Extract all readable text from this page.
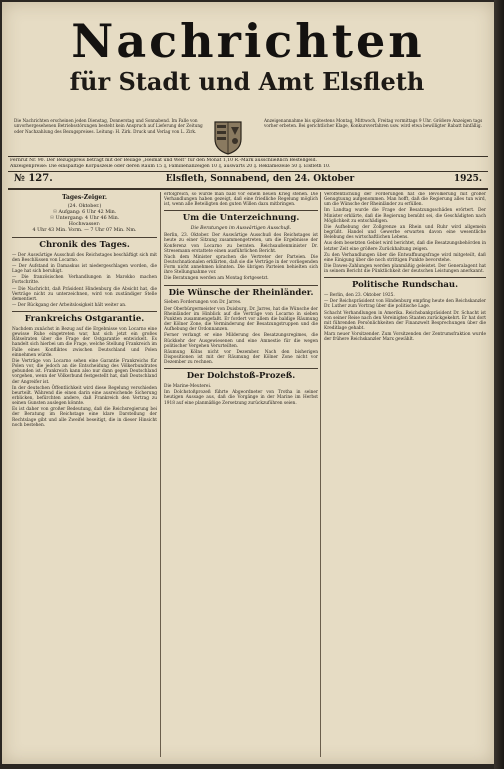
Nachrichten
für Stadt und Amt Elsfleth
Die Nachrichten erscheinen jeden Dienstag, Donnerstag und Sonnabend. Im Falle von unvorhergesehenen Betriebsstörungen besteht kein Anspruch auf Lieferung der Zeitung oder Nachzahlung des Bezugspreises. Leitung: H. Zirk. Druck und Verlag von L. Zirk.
Anzeigenannahme bis spätestens Montag, Mittwoch, Freitag vormittags 9 Uhr. Größere Anzeigen tags vorher erbeten. Bei gerichtlicher Klage, Konkursverfahren usw. wird etwa bewilligter Rabatt hinfällig.
Fernruf Nr. 90. Der Bezugspreis beträgt mit der Beilage „Heimat und Welt“ für den Monat 1,10 R.-Mark ausschließlich Bestellgeld.
Anzeigenpreise: Die einspaltige Korpuszeile oder deren Raum 15 ₰, Familienanzeigen 10 ₰, auswärts 20 ₰. Reklamezeile 50 ₰. Elsfleth 10.
№ 127.	Elsfleth, Sonnabend, den 24. Oktober	1925.
Tages-Zeiger.

(24. Oktober.)

☉ Aufgang: 6 Uhr 42 Min.

☉ Untergang: 4 Uhr 46 Min.

Hochwasser:

4 Uhr 43 Min. Vorm. — 7 Uhr 07 Min. Nm.

Chronik des Tages.

— Der Auswärtige Ausschuß des Reichstages beschäftigt sich mit den Beschlüssen von Locarno.

— Der Aufstand in Damaskus ist niedergeschlagen worden, die Lage hat sich beruhigt.

— Die französischen Verhandlungen in Marokko machen Fortschritte.

— Die Nachricht, daß Präsident Hindenburg die Absicht hat, die Verträge nicht zu unterzeichnen, wird von zuständiger Stelle dementiert.

— Der Rückgang der Arbeitslosigkeit hält weiter an.

Frankreichs Ostgarantie.

Nachdem zunächst in Bezug auf die Ergebnisse von Locarno eine gewisse Ruhe eingetreten war, hat sich jetzt ein großes Rätselraten über die Frage der Ostgarantie entwickelt. Es handelt sich hierbei um die Frage, welche Stellung Frankreich im Falle eines Konfliktes zwischen Deutschland und Polen einnehmen würde.

Die Verträge von Locarno sehen eine Garantie Frankreichs für Polen vor, die jedoch an die Entscheidung des Völkerbundrates gebunden ist. Frankreich kann also nur dann gegen Deutschland vorgehen, wenn der Völkerbund festgestellt hat, daß Deutschland der Angreifer ist.

In der deutschen Öffentlichkeit wird diese Regelung verschieden beurteilt. Während die einen darin eine ausreichende Sicherung erblicken, befürchten andere, daß Frankreich den Vertrag zu seinen Gunsten auslegen könnte.

Es ist daher von großer Bedeutung, daß die Reichsregierung bei der Beratung im Reichstage eine klare Darstellung der Rechtslage gibt und alle Zweifel beseitigt, die in dieser Hinsicht noch bestehen.

erfolgreich, so würde man bald vor einem neuen Krieg stehen. Die Verhandlungen haben gezeigt, daß eine friedliche Regelung möglich ist, wenn alle Beteiligten den guten Willen dazu mitbringen.

Um die Unterzeichnung.
Die Beratungen im Auswärtigen Ausschuß.

Berlin, 23. Oktober. Der Auswärtige Ausschuß des Reichstages ist heute zu einer Sitzung zusammengetreten, um die Ergebnisse der Konferenz von Locarno zu beraten. Reichsaußenminister Dr. Stresemann erstattete einen ausführlichen Bericht.

Nach dem Minister sprachen die Vertreter der Parteien. Die Deutschnationalen erklärten, daß sie die Verträge in der vorliegenden Form nicht annehmen könnten. Die übrigen Parteien behielten sich ihre Stellungnahme vor.

Die Beratungen werden am Montag fortgesetzt.

Die Wünsche der Rheinländer.

Sieben Forderungen von Dr. Jarres.

Der Oberbürgermeister von Duisburg, Dr. Jarres, hat die Wünsche der Rheinländer im Hinblick auf die Verträge von Locarno in sieben Punkten zusammengefaßt. Er fordert vor allem die baldige Räumung der Kölner Zone, die Verminderung der Besatzungstruppen und die Aufhebung der Ordonnanzen.

Ferner verlangt er eine Milderung des Besatzungsregimes, die Rückkehr der Ausgewiesenen und eine Amnestie für die wegen politischer Vergehen Verurteilten.

Räumung Kölns nicht vor Dezember. Nach den bisherigen Dispositionen ist mit der Räumung der Kölner Zone nicht vor Dezember zu rechnen.

Der Dolchstoß-Prozeß.

Die Marine-Meuterei.

Im Dolchstoßprozeß führte Abgeordneter von Trotha in seiner heutigen Aussage aus, daß die Vorgänge in der Marine im Herbst 1918 auf eine planmäßige Zersetzung zurückzuführen seien.

Veröffentlichung der Forderungen hat die Bevölkerung mit großer Genugtuung aufgenommen. Man hofft, daß die Regierung alles tun wird, um die Wünsche der Rheinländer zu erfüllen.

Im Landtag wurde die Frage der Besatzungsschäden erörtert. Der Minister erklärte, daß die Regierung bemüht sei, die Geschädigten nach Möglichkeit zu entschädigen.

Die Aufhebung der Zollgrenze an Rhein und Ruhr wird allgemein begrüßt. Handel und Gewerbe erwarten davon eine wesentliche Belebung des wirtschaftlichen Lebens.

Aus dem besetzten Gebiet wird berichtet, daß die Besatzungsbehörden in letzter Zeit eine größere Zurückhaltung zeigen.

Zu den Verhandlungen über die Entwaffnungsfrage wird mitgeteilt, daß eine Einigung über die noch strittigen Punkte bevorstehe.

Die Dawes-Zahlungen werden planmäßig geleistet. Der Generalagent hat in seinem Bericht die Pünktlichkeit der deutschen Leistungen anerkannt.

Politische Rundschau.

— Berlin, den 23. Oktober 1925.

— Der Reichspräsident von Hindenburg empfing heute den Reichskanzler Dr. Luther zum Vortrag über die politische Lage.

Schacht Verhandlungen in Amerika. Reichsbankpräsident Dr. Schacht ist von seiner Reise nach den Vereinigten Staaten zurückgekehrt. Er hat dort mit führenden Persönlichkeiten der Finanzwelt Besprechungen über die Kreditlage gehabt.

Marx neuer Vorsitzender. Zum Vorsitzenden der Zentrumsfraktion wurde der frühere Reichskanzler Marx gewählt.
